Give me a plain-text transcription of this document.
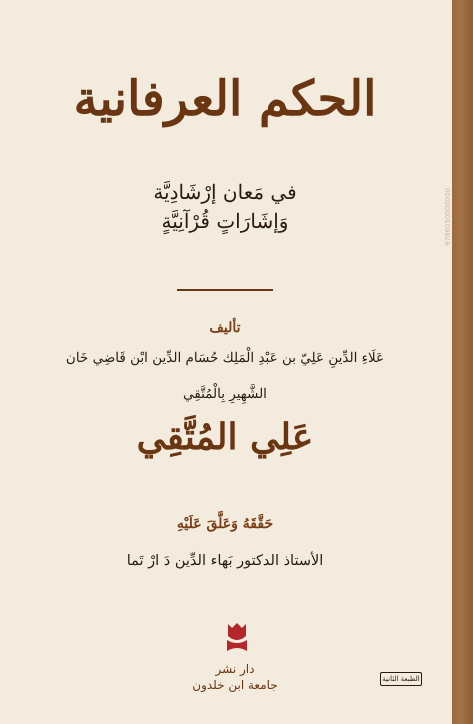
9786050000000
الحكم العرفانية
في مَعان إرْشَادِيَّة
وَإشَارَاتٍ قُرْآنِيَّةٍ
تأليف
عَلَاءِ الدِّينِ عَلِيّ بن عَبْدِ الْمَلِك حُسَام الدِّين ابْن قَاضِي خَان
الشَّهِيرِ بِالْمُتَّقِي
عَلِي المُتَّقِي
حَقَّقَهُ وَعَلَّقَ عَلَيْهِ
الأستاذ الدكتور بَهاء الدِّين دَ ارْ تَما
دار نشر
جامعة ابن خلدون	الطبعة الثانية
